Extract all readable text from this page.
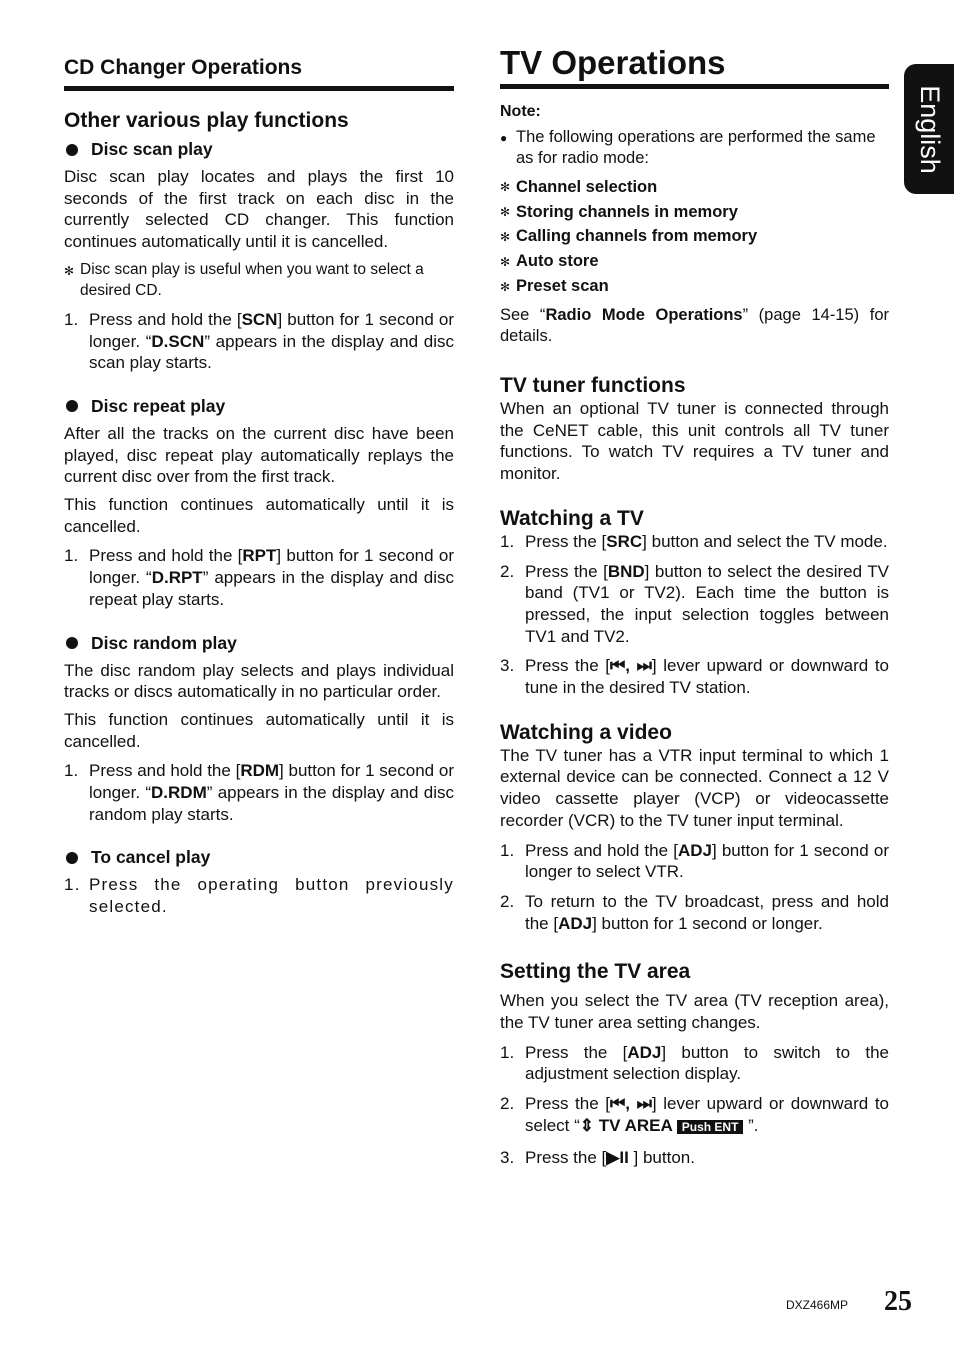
CD Changer Operations
Other various play functions
Disc scan play

Disc scan play locates and plays the first 10 seconds of the first track on each disc in the currently selected CD changer. This function continues automatically until it is cancelled.

✻ Disc scan play is useful when you want to select a desired CD.
1. Press and hold the [SCN] button for 1 second or longer. “D.SCN” appears in the display and disc scan play starts.
Disc repeat play

After all the tracks on the current disc have been played, disc repeat play automatically replays the current disc over from the first track.

This function continues automatically until it is cancelled.

1. Press and hold the [RPT] button for 1 second or longer. “D.RPT” appears in the display and disc repeat play starts.
Disc random play

The disc random play selects and plays individual tracks or discs automatically in no particular order.

This function continues automatically until it is cancelled.

1. Press and hold the [RDM] button for 1 second or longer. “D.RDM” appears in the display and disc random play starts.
To cancel play
1. Press the operating button previously selected.
TV Operations
Note:
● The following operations are performed the same as for radio mode:
✻ Channel selection
✻ Storing channels in memory
✻ Calling channels from memory
✻ Auto store
✻ Preset scan
See “Radio Mode Operations” (page 14-15) for details.
TV tuner functions

When an optional TV tuner is connected through the CeNET cable, this unit controls all TV tuner functions. To watch TV requires a TV tuner and monitor.

Watching a TV
1. Press the [SRC] button and select the TV mode.
2. Press the [BND] button to select the desired TV band (TV1 or TV2). Each time the button is pressed, the input selection toggles between TV1 and TV2.
3. Press the [⏮, ⏭] lever upward or downward to tune in the desired TV station.
Watching a video

The TV tuner has a VTR input terminal to which 1 external device can be connected. Connect a 12 V video cassette player (VCP) or videocassette recorder (VCR) to the TV tuner input terminal.

1. Press and hold the [ADJ] button for 1 second or longer to select VTR.
2. To return to the TV broadcast, press and hold the [ADJ] button for 1 second or longer.
Setting the TV area

When you select the TV area (TV reception area), the TV tuner area setting changes.

1. Press the [ADJ] button to switch to the adjustment selection display.
2. Press the [⏮, ⏭] lever upward or downward to select “⇕ TV AREA Push ENT ”.
3. Press the [▶II ] button.
English
DXZ466MP 25
